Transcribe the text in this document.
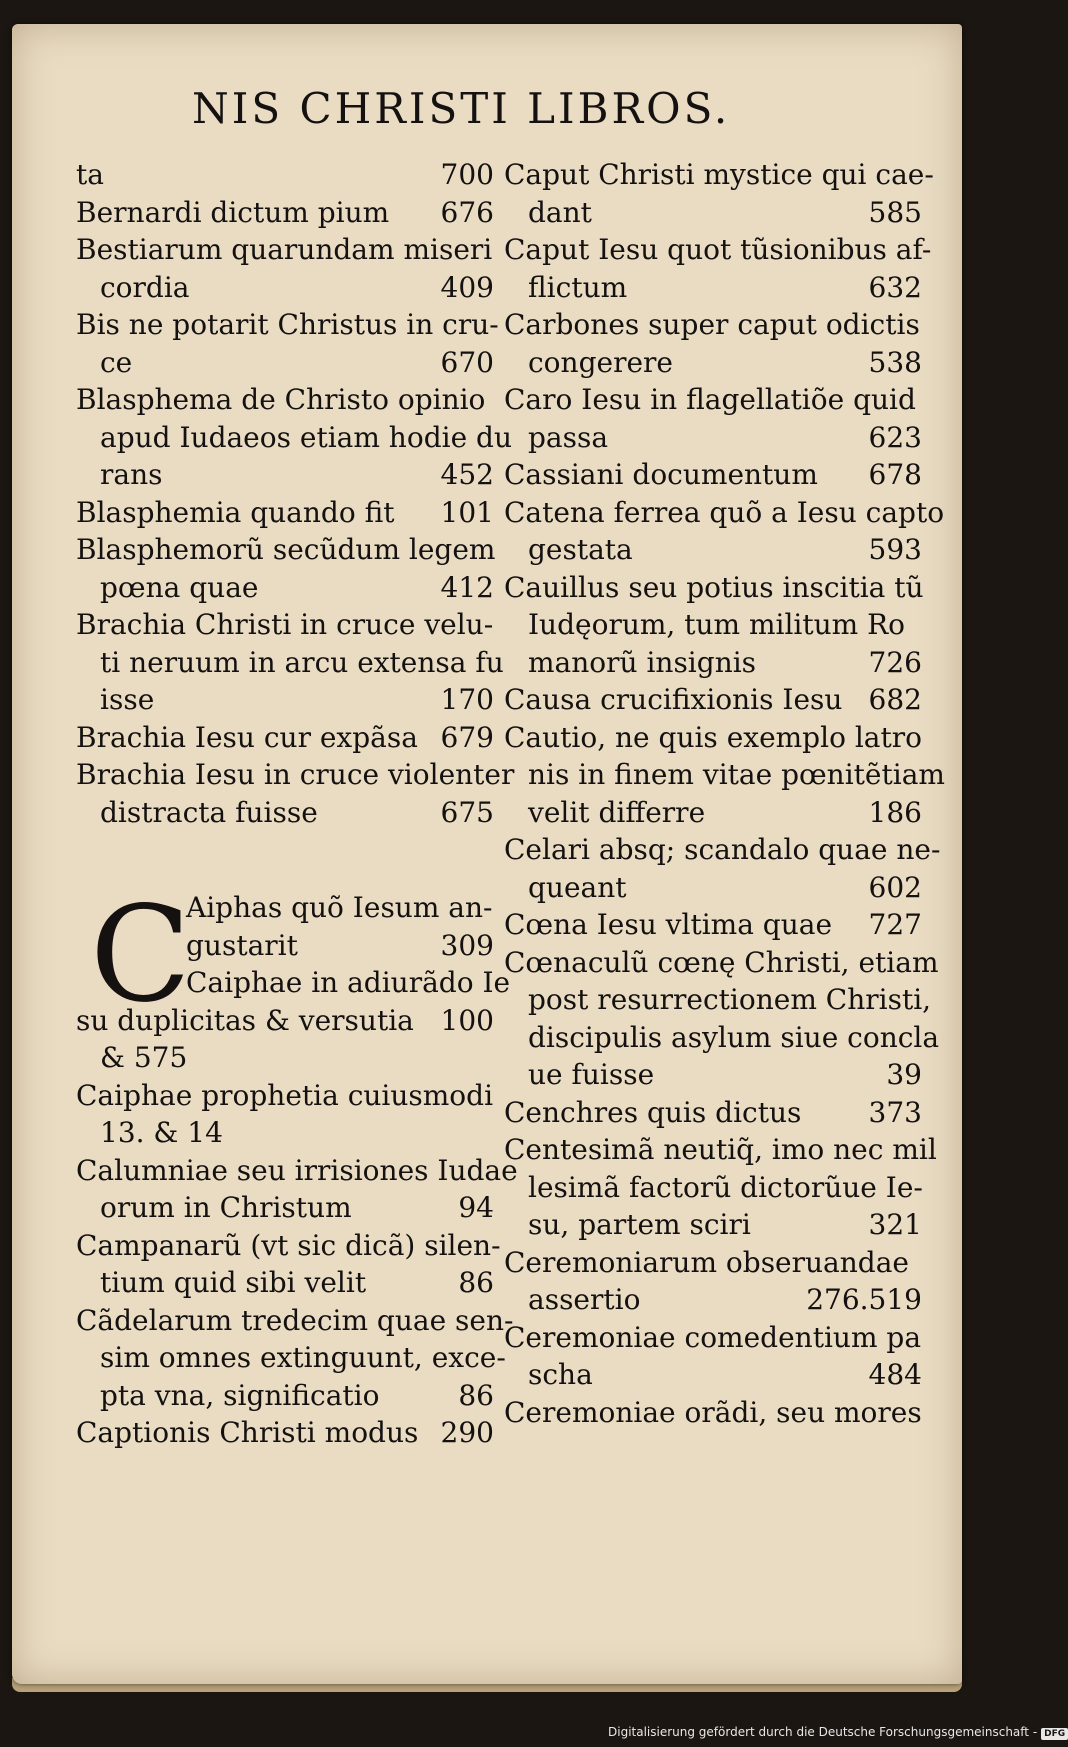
NIS CHRISTI LIBROS.
ta	700
Bernardi dictum pium 676
Bestiarum quarundam miseri
cordia	409
Bis ne potarit Christus in cru-
ce	670
Blasphema de Christo opinio
apud Iudaeos etiam hodie du
rans	452
Blasphemia quando fit 101
Blasphemorũ secũdum legem
pœna quae	412
Brachia Christi in cruce velu-
ti neruum in arcu extensa fu
isse	170
Brachia Iesu cur expãsa 679
Brachia Iesu in cruce violenter
distracta fuisse	675
C
Aiphas quõ Iesum an-
gustarit	309
Caiphae in adiurãdo Ie
su duplicitas & versutia 100
& 575
Caiphae prophetia cuiusmodi
13. & 14
Calumniae seu irrisiones Iudae
orum in Christum	94
Campanarũ (vt sic dicã) silen-
tium quid sibi velit	86
Cãdelarum tredecim quae sen-
sim omnes extinguunt, exce-
pta vna, significatio	86
Captionis Christi modus 290
Caput Christi mystice qui cae-
dant	585
Caput Iesu quot tũsionibus af-
flictum	632
Carbones super caput odictis
congerere	538
Caro Iesu in flagellatiõe quid
passa	623
Cassiani documentum 678
Catena ferrea quõ a Iesu capto
gestata	593
Cauillus seu potius inscitia tũ
Iudęorum, tum militum Ro
manorũ insignis	726
Causa crucifixionis Iesu 682
Cautio, ne quis exemplo latro
nis in finem vitae pœnitẽtiam
velit differre	186
Celari absq; scandalo quae ne-
queant	602
Cœna Iesu vltima quae 727
Cœnaculũ cœnę Christi, etiam
post resurrectionem Christi,
discipulis asylum siue concla
ue fuisse	39
Cenchres quis dictus 373
Centesimã neutiq̃, imo nec mil
lesimã factorũ dictorũue Ie-
su, partem sciri	321
Ceremoniarum obseruandae
assertio	276.519
Ceremoniae comedentium pa
scha	484
Ceremoniae orãdi, seu mores
Digitalisierung gefördert durch die Deutsche Forschungsgemeinschaft - DFG
